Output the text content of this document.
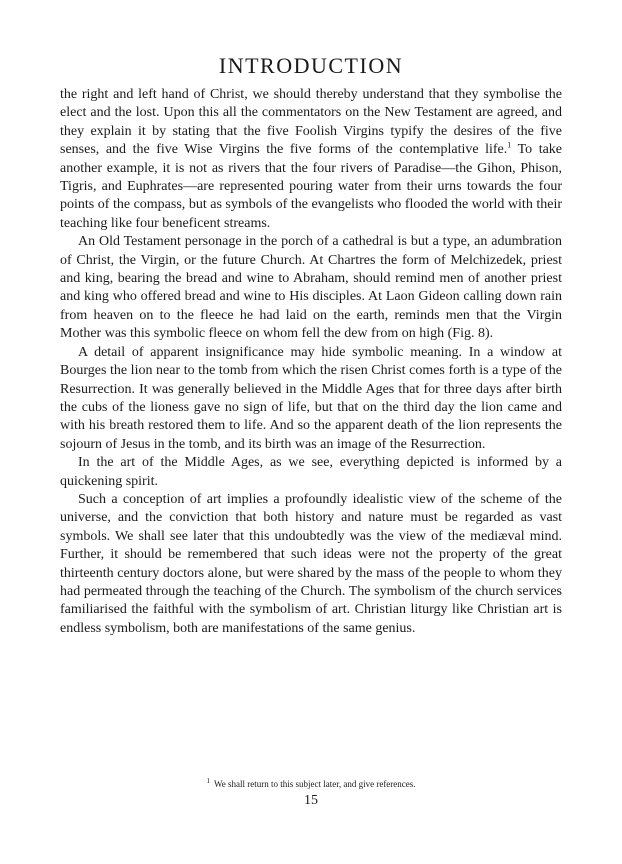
INTRODUCTION

the right and left hand of Christ, we should thereby understand that they symbolise the elect and the lost. Upon this all the commentators on the New Testament are agreed, and they explain it by stating that the five Foolish Virgins typify the desires of the five senses, and the five Wise Virgins the five forms of the contemplative life.$^1$ To take another example, it is not as rivers that the four rivers of Paradise—the Gihon, Phison, Tigris, and Euphrates—are represented pouring water from their urns towards the four points of the compass, but as symbols of the evangelists who flooded the world with their teaching like four beneficent streams.

An Old Testament personage in the porch of a cathedral is but a type, an adumbration of Christ, the Virgin, or the future Church. At Chartres the form of Melchizedek, priest and king, bearing the bread and wine to Abraham, should remind men of another priest and king who offered bread and wine to His disciples. At Laon Gideon calling down rain from heaven on to the fleece he had laid on the earth, reminds men that the Virgin Mother was this symbolic fleece on whom fell the dew from on high (Fig. 8).

A detail of apparent insignificance may hide symbolic meaning. In a window at Bourges the lion near to the tomb from which the risen Christ comes forth is a type of the Resurrection. It was generally believed in the Middle Ages that for three days after birth the cubs of the lioness gave no sign of life, but that on the third day the lion came and with his breath restored them to life. And so the apparent death of the lion represents the sojourn of Jesus in the tomb, and its birth was an image of the Resurrection.

In the art of the Middle Ages, as we see, everything depicted is informed by a quickening spirit.

Such a conception of art implies a profoundly idealistic view of the scheme of the universe, and the conviction that both history and nature must be regarded as vast symbols. We shall see later that this undoubtedly was the view of the mediæval mind. Further, it should be remembered that such ideas were not the property of the great thirteenth century doctors alone, but were shared by the mass of the people to whom they had permeated through the teaching of the Church. The symbolism of the church services familiarised the faithful with the symbolism of art. Christian liturgy like Christian art is endless symbolism, both are manifestations of the same genius.

$^1$ We shall return to this subject later, and give references.
15
